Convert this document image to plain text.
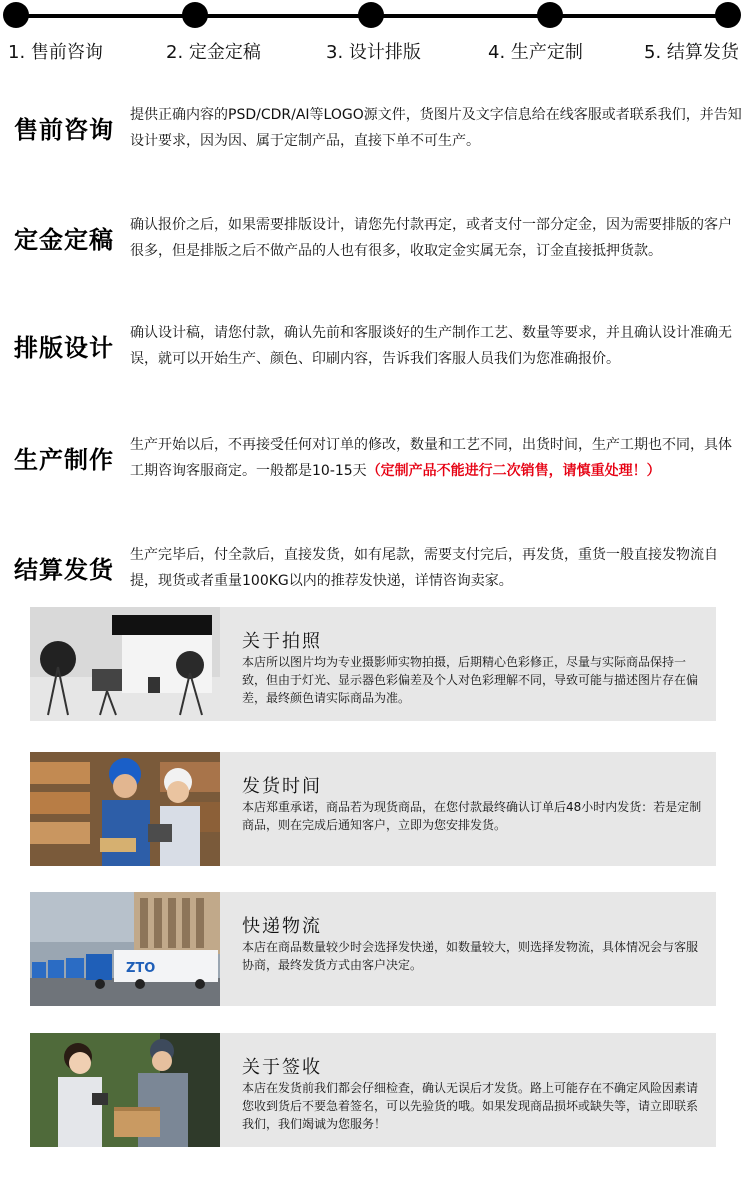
1. 售前咨询	2. 定金定稿	3. 设计排版	4. 生产定制	5. 结算发货
售前咨询
提供正确内容的PSD/CDR/AI等LOGO源文件，货图片及文字信息给在线客服或者联系我们，并告知设计要求，因为因、属于定制产品，直接下单不可生产。
定金定稿
确认报价之后，如果需要排版设计，请您先付款再定，或者支付一部分定金，因为需要排版的客户很多，但是排版之后不做产品的人也有很多，收取定金实属无奈，订金直接抵押货款。
排版设计
确认设计稿，请您付款，确认先前和客服谈好的生产制作工艺、数量等要求，并且确认设计准确无误，就可以开始生产、颜色、印刷内容，告诉我们客服人员我们为您准确报价。
生产制作
生产开始以后，不再接受任何对订单的修改，数量和工艺不同，出货时间，生产工期也不同，具体工期咨询客服商定。一般都是10-15天（定制产品不能进行二次销售，请慎重处理！）
结算发货
生产完毕后，付全款后，直接发货，如有尾款，需要支付完后，再发货，重货一般直接发物流自提，现货或者重量100KG以内的推荐发快递，详情咨询卖家。
关于拍照
本店所以图片均为专业摄影师实物拍摄，后期精心色彩修正，尽量与实际商品保持一致，但由于灯光、显示器色彩偏差及个人对色彩理解不同，导致可能与描述图片存在偏差，最终颜色请实际商品为准。
发货时间
本店郑重承诺，商品若为现货商品，在您付款最终确认订单后48小时内发货：若是定制商品，则在完成后通知客户，立即为您安排发货。
ZTO
快递物流
本店在商品数量较少时会选择发快递，如数量较大，则选择发物流，具体情况会与客服协商，最终发货方式由客户决定。
关于签收
本店在发货前我们都会仔细检查，确认无误后才发货。路上可能存在不确定风险因素请您收到货后不要急着签名，可以先验货的哦。如果发现商品损坏或缺失等，请立即联系我们，我们竭诚为您服务！
